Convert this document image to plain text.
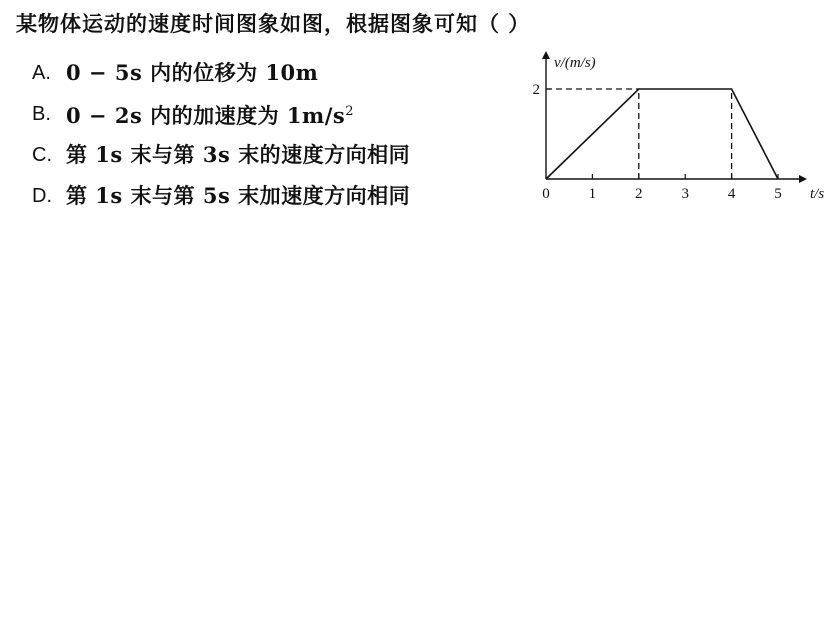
某物体运动的速度时间图象如图，根据图象可知（ ）
A. 0 − 5s 内的位移为 10m
B. 0 − 2s 内的加速度为 $1m/s^2$
C. 第 1s 末与第 3s 末的速度方向相同
D. 第 1s 末与第 5s 末加速度方向相同	0	1	2	3	4	5
2
t/s
v/(m/s)
